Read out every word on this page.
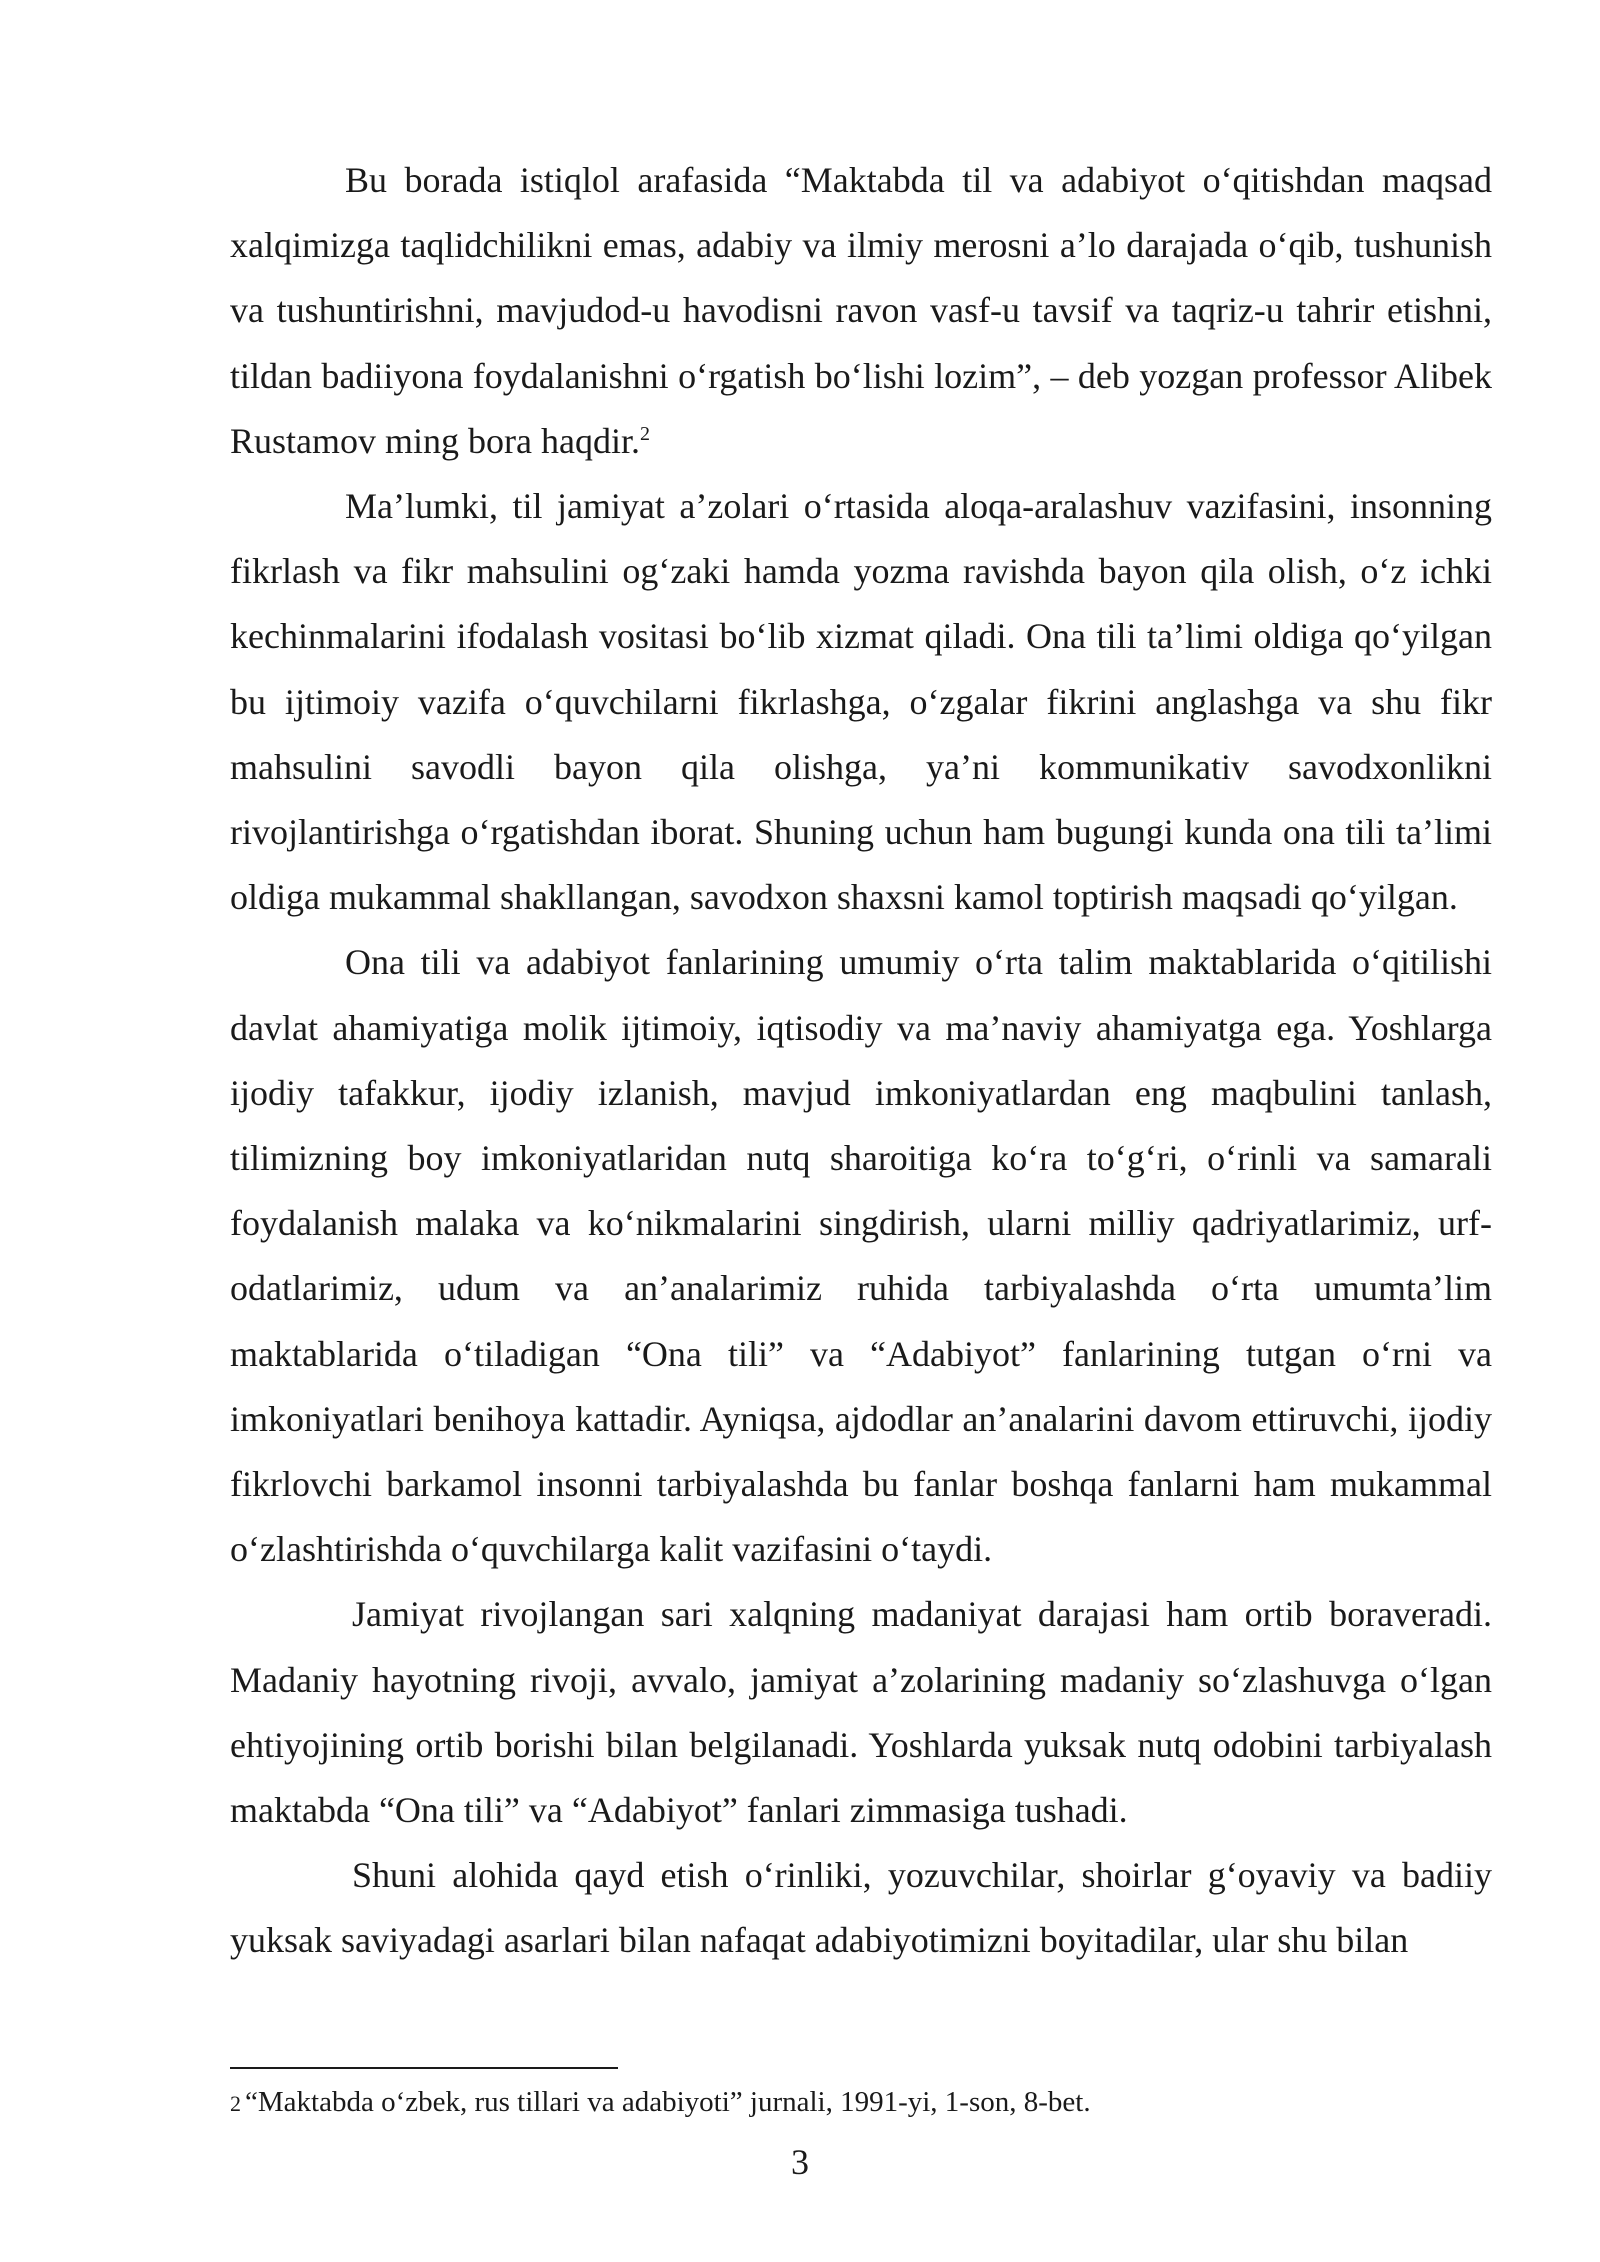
Bu borada istiqlol arafasida “Maktabda til va adabiyot o‘qitishdan maqsad xalqimizga taqlidchilikni emas, adabiy va ilmiy merosni a’lo darajada o‘qib, tushunish va tushuntirishni, mavjudod-u havodisni ravon vasf-u tavsif va taqriz-u tahrir etishni, tildan badiiyona foydalanishni o‘rgatish bo‘lishi lozim”, – deb yozgan professor Alibek Rustamov ming bora haqdir.$^2$

Ma’lumki, til jamiyat a’zolari o‘rtasida aloqa-aralashuv vazifasini, insonning fikrlash va fikr mahsulini og‘zaki hamda yozma ravishda bayon qila olish, o‘z ichki kechinmalarini ifodalash vositasi bo‘lib xizmat qiladi. Ona tili ta’limi oldiga qo‘yilgan bu ijtimoiy vazifa o‘quvchilarni fikrlashga, o‘zgalar fikrini anglashga va shu fikr mahsulini savodli bayon qila olishga, ya’ni kommunikativ savodxonlikni rivojlantirishga o‘rgatishdan iborat. Shuning uchun ham bugungi kunda ona tili ta’limi oldiga mukammal shakllangan, savodxon shaxsni kamol toptirish maqsadi qo‘yilgan.

Ona tili va adabiyot fanlarining umumiy o‘rta talim maktablarida o‘qitilishi davlat ahamiyatiga molik ijtimoiy, iqtisodiy va ma’naviy ahamiyatga ega. Yoshlarga ijodiy tafakkur, ijodiy izlanish, mavjud imkoniyatlardan eng maqbulini tanlash, tilimizning boy imkoniyatlaridan nutq sharoitiga ko‘ra to‘g‘ri, o‘rinli va samarali foydalanish malaka va ko‘nikmalarini singdirish, ularni milliy qadriyatlarimiz, urf-odatlarimiz, udum va an’analarimiz ruhida tarbiyalashda o‘rta umumta’lim maktablarida o‘tiladigan “Ona tili” va “Adabiyot” fanlarining tutgan o‘rni va imkoniyatlari benihoya kattadir. Ayniqsa, ajdodlar an’analarini davom ettiruvchi, ijodiy fikrlovchi barkamol insonni tarbiyalashda bu fanlar boshqa fanlarni ham mukammal o‘zlashtirishda o‘quvchilarga kalit vazifasini o‘taydi.

Jamiyat rivojlangan sari xalqning madaniyat darajasi ham ortib boraveradi. Madaniy hayotning rivoji, avvalo, jamiyat a’zolarining madaniy so‘zlashuvga o‘lgan ehtiyojining ortib borishi bilan belgilanadi. Yoshlarda yuksak nutq odobini tarbiyalash maktabda “Ona tili” va “Adabiyot” fanlari zimmasiga tushadi.

Shuni alohida qayd etish o‘rinliki, yozuvchilar, shoirlar g‘oyaviy va badiiy yuksak saviyadagi asarlari bilan nafaqat adabiyotimizni boyitadilar, ular shu bilan

2 “Maktabda o‘zbek, rus tillari va adabiyoti” jurnali, 1991-yi, 1-son, 8-bet.

3
